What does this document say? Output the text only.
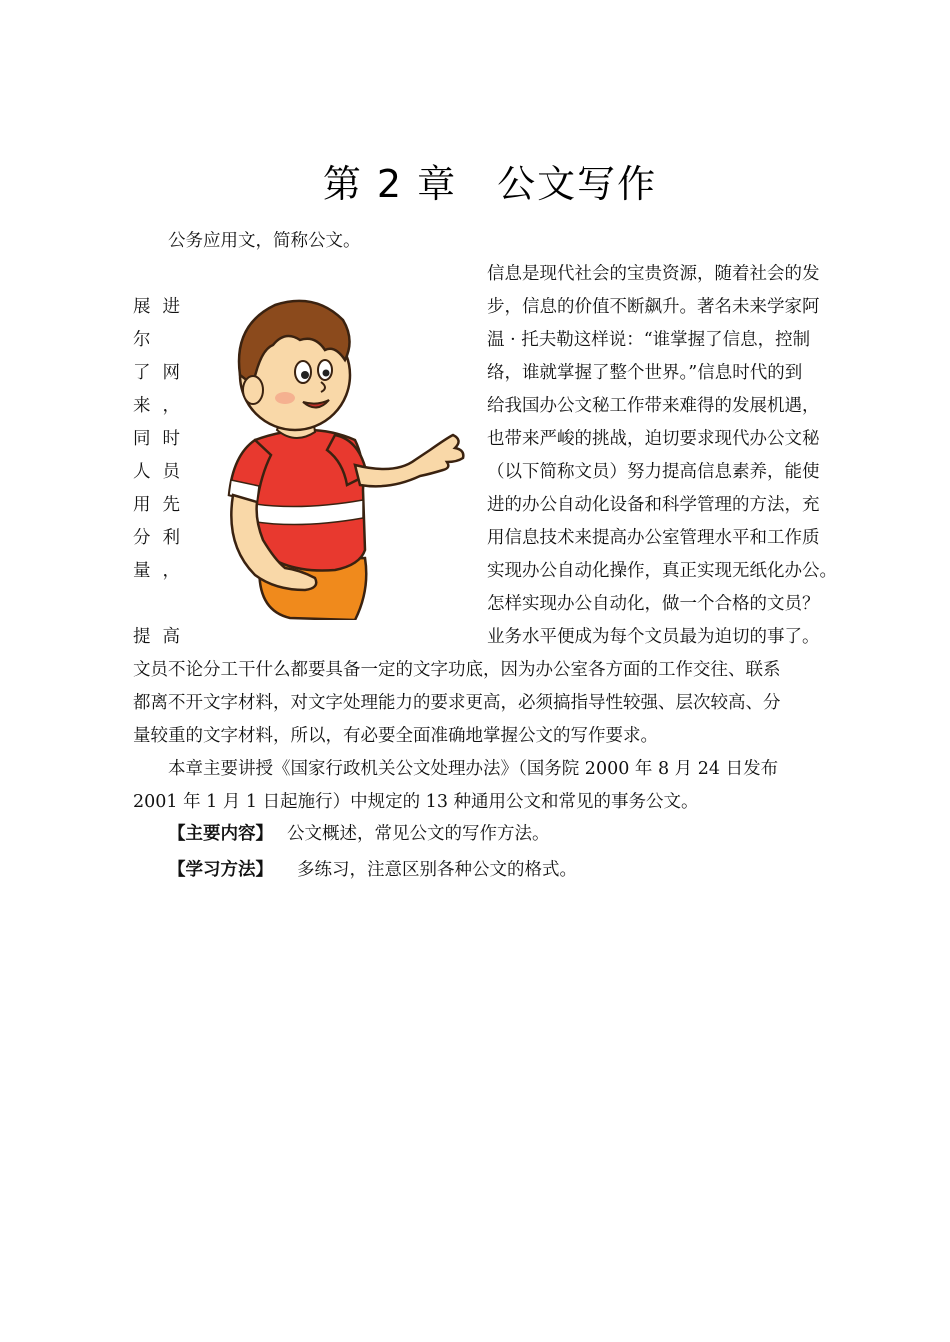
第 2 章 公文写作
公务应用文，简称公文。
信息是现代社会的宝贵资源，随着社会的发
步，信息的价值不断飙升。著名未来学家阿
温 · 托夫勒这样说：“谁掌握了信息，控制
络，谁就掌握了整个世界。”信息时代的到
给我国办公文秘工作带来难得的发展机遇，
也带来严峻的挑战，迫切要求现代办公文秘
（以下简称文员）努力提高信息素养，能使
进的办公自动化设备和科学管理的方法，充
用信息技术来提高办公室管理水平和工作质
实现办公自动化操作，真正实现无纸化办公。
怎样实现办公自动化，做一个合格的文员？
业务水平便成为每个文员最为迫切的事了。
展进
尔
了网
来，
同时
人员
用先
分利
量，
提高
文员不论分工干什么都要具备一定的文字功底，因为办公室各方面的工作交往、联系
都离不开文字材料，对文字处理能力的要求更高，必须搞指导性较强、层次较高、分
量较重的文字材料，所以，有必要全面准确地掌握公文的写作要求。
本章主要讲授《国家行政机关公文处理办法》（国务院 2000 年 8 月 24 日发布
2001 年 1 月 1 日起施行）中规定的 13 种通用公文和常见的事务公文。
【主要内容】 公文概述，常见公文的写作方法。
【学习方法】 多练习，注意区别各种公文的格式。
